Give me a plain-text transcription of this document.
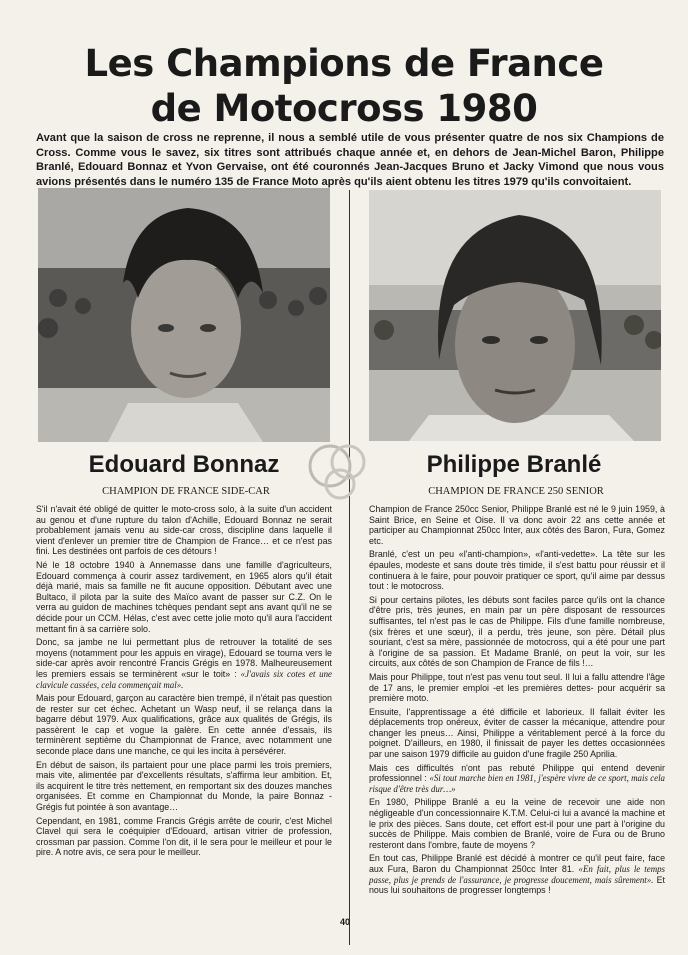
Les Champions de France
de Motocross 1980

Avant que la saison de cross ne reprenne, il nous a semblé utile de vous présenter quatre de nos six Champions de Cross. Comme vous le savez, six titres sont attribués chaque année et, en dehors de Jean-Michel Baron, Philippe Branlé, Edouard Bonnaz et Yvon Gervaise, ont été couronnés Jean-Jacques Bruno et Jacky Vimond que nous vous avions présentés dans le numéro 135 de France Moto après qu'ils aient obtenu les titres 1979 qu'ils convoitaient.

Edouard Bonnaz	Philippe Branlé

CHAMPION DE FRANCE SIDE-CAR	CHAMPION DE FRANCE 250 SENIOR

S'il n'avait été obligé de quitter le moto-cross solo, à la suite d'un accident au genou et d'une rupture du talon d'Achille, Edouard Bonnaz ne serait probablement jamais venu au side-car cross, discipline dans laquelle il vient d'enlever un premier titre de Champion de France… et ce n'est pas fini. Les destinées ont parfois de ces détours !

Né le 18 octobre 1940 à Annemasse dans une famille d'agriculteurs, Edouard commença à courir assez tardivement, en 1965 alors qu'il était déjà marié, mais sa famille ne fit aucune opposition. Débutant avec une Bultaco, il pilota par la suite des Maïco avant de passer sur C.Z. On le verra au guidon de machines tchèques pendant sept ans avant qu'il ne se décide pour un CCM. Hélas, c'est avec cette jolie moto qu'il aura l'accident mettant fin à sa carrière solo.

Donc, sa jambe ne lui permettant plus de retrouver la totalité de ses moyens (notamment pour les appuis en virage), Edouard se tourna vers le side-car après avoir rencontré Francis Grégis en 1978. Malheureusement les premiers essais se terminèrent «sur le toit» : «J'avais six cotes et une clavicule cassées, cela commençait mal».

Mais pour Edouard, garçon au caractère bien trempé, il n'était pas question de rester sur cet échec. Achetant un Wasp neuf, il se relança dans la bagarre début 1979. Aux qualifications, grâce aux qualités de Grégis, ils passèrent le cap et vogue la galère. En cette année d'essais, ils terminèrent septième du Championnat de France, avec notamment une seconde place dans une manche, ce qui les incita à persévérer.

En début de saison, ils partaient pour une place parmi les trois premiers, mais vite, alimentée par d'excellents résultats, s'affirma leur ambition. Et, ils acquirent le titre très nettement, en remportant six des douzes manches organisées. Et comme en Championnat du Monde, la paire Bonnaz - Grégis fut pointée à son avantage…

Cependant, en 1981, comme Francis Grégis arrête de courir, c'est Michel Clavel qui sera le coéquipier d'Edouard, artisan vitrier de profession, crossman par passion. Comme l'on dit, il le sera pour le meilleur et pour le pire. A notre avis, ce sera pour le meilleur.

Champion de France 250cc Senior, Philippe Branlé est né le 9 juin 1959, à Saint Brice, en Seine et Oise. Il va donc avoir 22 ans cette année et participer au Championnat 250cc Inter, aux côtés des Baron, Fura, Gomez etc.

Branlé, c'est un peu «l'anti-champion», «l'anti-vedette». La tête sur les épaules, modeste et sans doute très timide, il s'est battu pour réussir et il continuera à le faire, pour pouvoir pratiquer ce sport, qu'il aime par dessus tout : le motocross.

Si pour certains pilotes, les débuts sont faciles parce qu'ils ont la chance d'être pris, très jeunes, en main par un père disposant de ressources suffisantes, tel n'est pas le cas de Philippe. Fils d'une famille nombreuse, (six frères et une sœur), il a perdu, très jeune, son père. Détail plus souriant, c'est sa mère, passionnée de motocross, qui a été pour une part à l'origine de sa passion. Et Madame Branlé, on peut la voir, sur les circuits, aux côtés de son Champion de France de fils !…

Mais pour Philippe, tout n'est pas venu tout seul. Il lui a fallu attendre l'âge de 17 ans, le premier emploi -et les premières dettes- pour acquérir sa première moto.

Ensuite, l'apprentissage a été difficile et laborieux. Il fallait éviter les déplacements trop onéreux, éviter de casser la mécanique, attendre pour changer les pneus… Ainsi, Philippe a véritablement percé à la force du poignet. D'ailleurs, en 1980, il finissait de payer les dettes occasionnées par une saison 1979 difficile au guidon d'une fragile 250 Aprilia.

Mais ces difficultés n'ont pas rebuté Philippe qui entend devenir professionnel : «Si tout marche bien en 1981, j'espère vivre de ce sport, mais cela risque d'être très dur…»

En 1980, Philippe Branlé a eu la veine de recevoir une aide non négligeable d'un concessionnaire K.T.M. Celui-ci lui a avancé la machine et le prix des pièces. Sans doute, cet effort est-il pour une part à l'origine du succès de Philippe. Mais combien de Branlé, voire de Fura ou de Bruno resteront dans l'ombre, faute de moyens ?

En tout cas, Philippe Branlé est décidé à montrer ce qu'il peut faire, face aux Fura, Baron du Championnat 250cc Inter 81. «En fait, plus le temps passe, plus je prends de l'assurance, je progresse doucement, mais sûrement». Et nous lui souhaitons de progresser longtemps !

40
